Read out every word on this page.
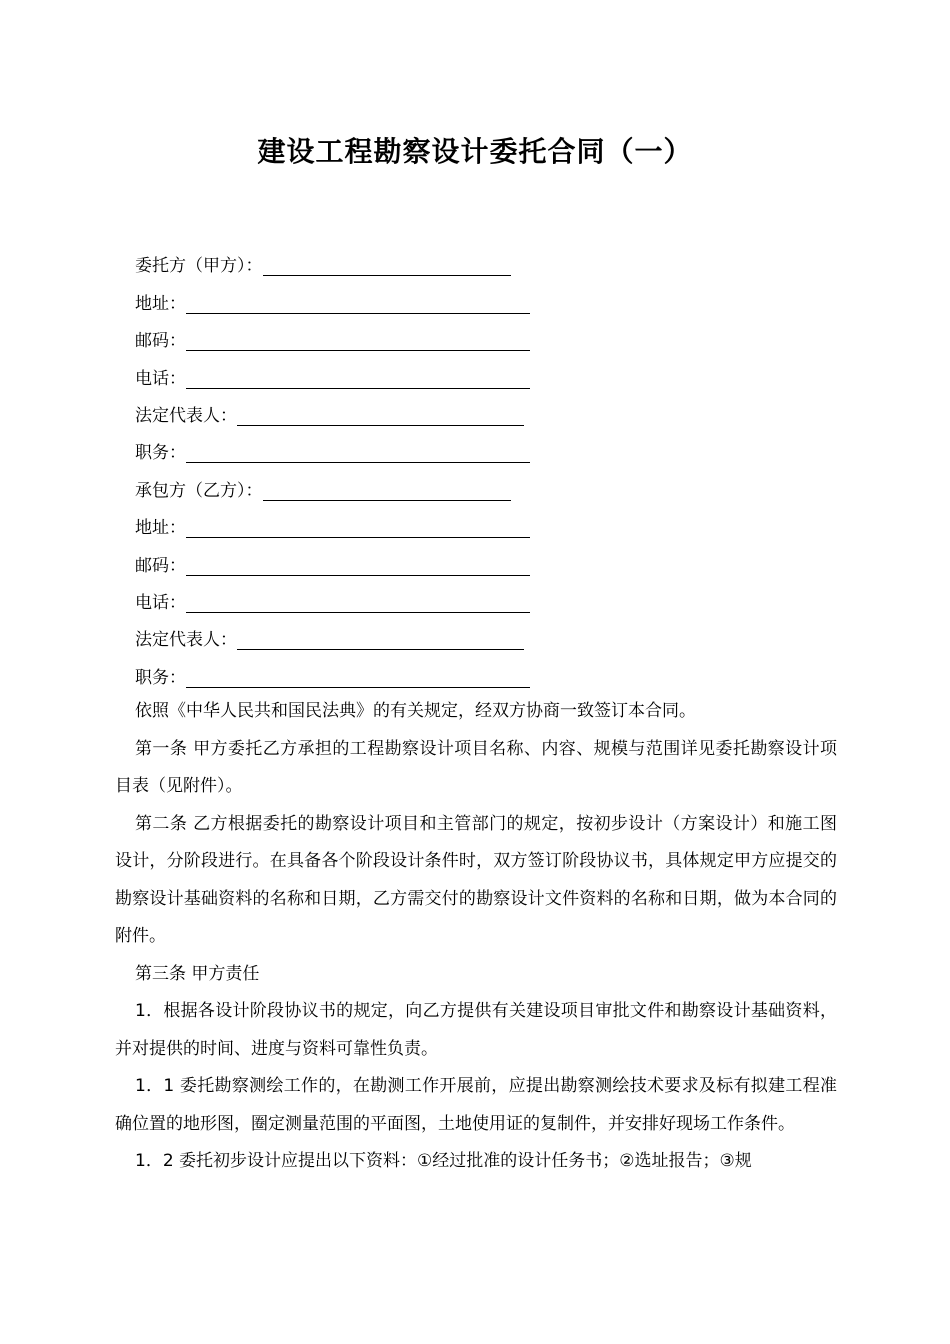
建设工程勘察设计委托合同（一）
委托方（甲方）：
地址：
邮码：
电话：
法定代表人：
职务：
承包方（乙方）：
地址：
邮码：
电话：
法定代表人：
职务：

依照《中华人民共和国民法典》的有关规定，经双方协商一致签订本合同。

第一条 甲方委托乙方承担的工程勘察设计项目名称、内容、规模与范围详见委托勘察设计项目表（见附件）。

第二条 乙方根据委托的勘察设计项目和主管部门的规定，按初步设计（方案设计）和施工图设计，分阶段进行。在具备各个阶段设计条件时，双方签订阶段协议书，具体规定甲方应提交的勘察设计基础资料的名称和日期，乙方需交付的勘察设计文件资料的名称和日期，做为本合同的附件。

第三条 甲方责任

1．根据各设计阶段协议书的规定，向乙方提供有关建设项目审批文件和勘察设计基础资料，并对提供的时间、进度与资料可靠性负责。

1．1 委托勘察测绘工作的，在勘测工作开展前，应提出勘察测绘技术要求及标有拟建工程准确位置的地形图，圈定测量范围的平面图，土地使用证的复制件，并安排好现场工作条件。

1．2 委托初步设计应提出以下资料：①经过批准的设计任务书；②选址报告；③规
